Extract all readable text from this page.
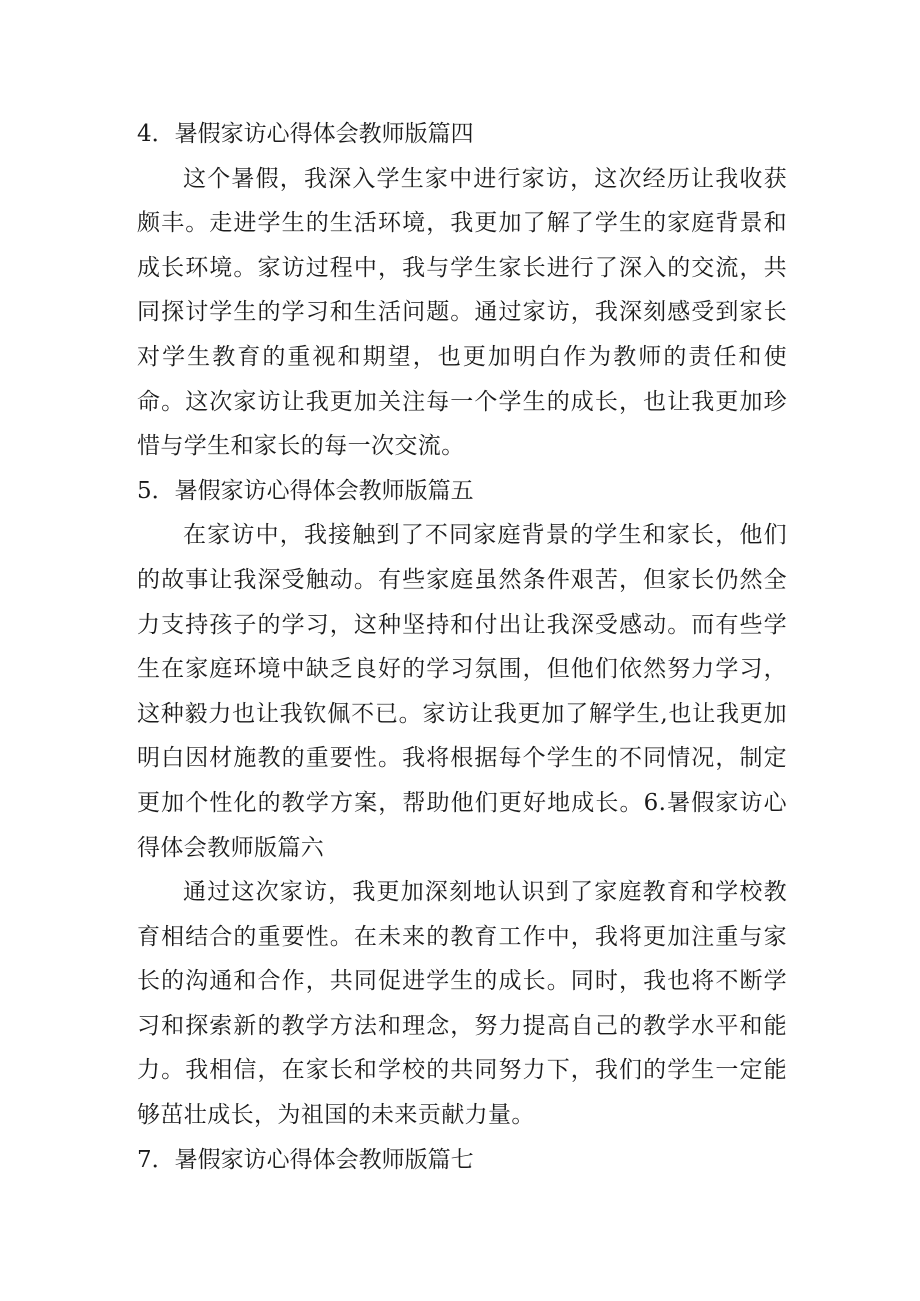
4．暑假家访心得体会教师版篇四

这个暑假，我深入学生家中进行家访，这次经历让我收获颇丰。走进学生的生活环境，我更加了解了学生的家庭背景和成长环境。家访过程中，我与学生家长进行了深入的交流，共同探讨学生的学习和生活问题。通过家访，我深刻感受到家长对学生教育的重视和期望，也更加明白作为教师的责任和使命。这次家访让我更加关注每一个学生的成长，也让我更加珍惜与学生和家长的每一次交流。

5．暑假家访心得体会教师版篇五

在家访中，我接触到了不同家庭背景的学生和家长，他们的故事让我深受触动。有些家庭虽然条件艰苦，但家长仍然全力支持孩子的学习，这种坚持和付出让我深受感动。而有些学生在家庭环境中缺乏良好的学习氛围，但他们依然努力学习，这种毅力也让我钦佩不已。家访让我更加了解学生,也让我更加明白因材施教的重要性。我将根据每个学生的不同情况，制定更加个性化的教学方案，帮助他们更好地成长。6.暑假家访心得体会教师版篇六

通过这次家访，我更加深刻地认识到了家庭教育和学校教育相结合的重要性。在未来的教育工作中，我将更加注重与家长的沟通和合作，共同促进学生的成长。同时，我也将不断学习和探索新的教学方法和理念，努力提高自己的教学水平和能力。我相信，在家长和学校的共同努力下，我们的学生一定能够茁壮成长，为祖国的未来贡献力量。

7．暑假家访心得体会教师版篇七
